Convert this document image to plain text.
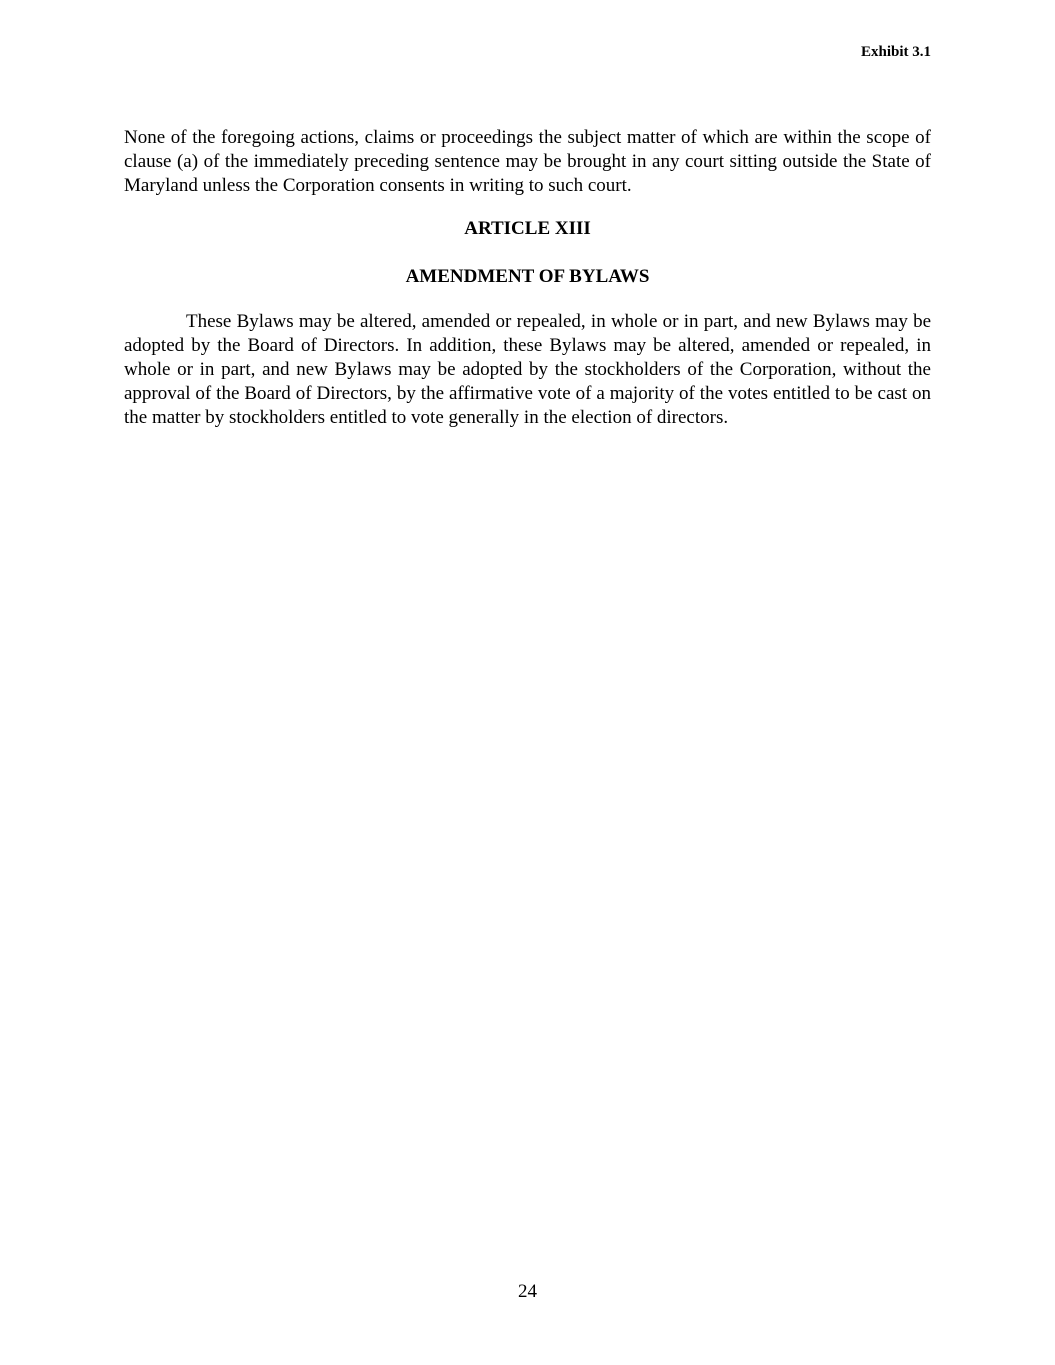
Exhibit 3.1

None of the foregoing actions, claims or proceedings the subject matter of which are within the scope of clause (a) of the immediately preceding sentence may be brought in any court sitting outside the State of Maryland unless the Corporation consents in writing to such court.

ARTICLE XIII
AMENDMENT OF BYLAWS

These Bylaws may be altered, amended or repealed, in whole or in part, and new Bylaws may be adopted by the Board of Directors. In addition, these Bylaws may be altered, amended or repealed, in whole or in part, and new Bylaws may be adopted by the stockholders of the Corporation, without the approval of the Board of Directors, by the affirmative vote of a majority of the votes entitled to be cast on the matter by stockholders entitled to vote generally in the election of directors.

24
